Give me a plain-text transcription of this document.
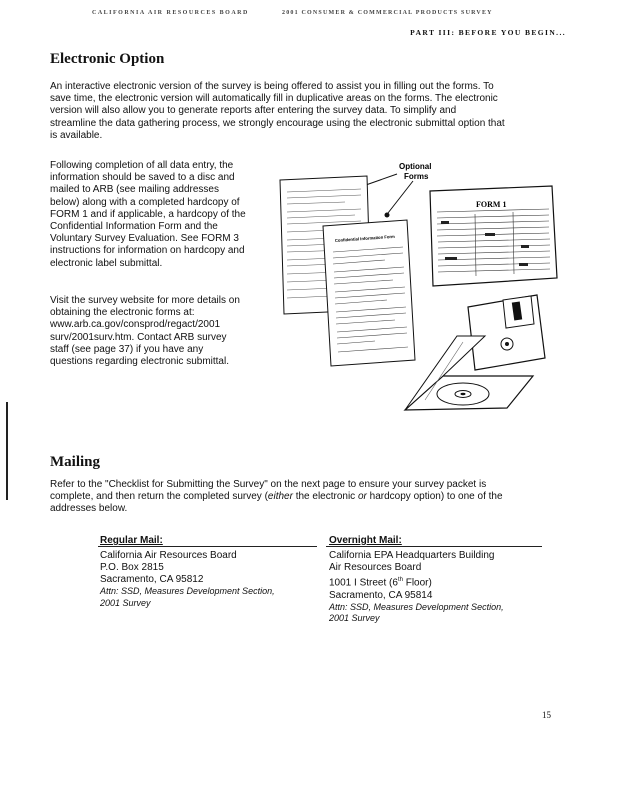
CALIFORNIA AIR RESOURCES BOARD	2001 CONSUMER & COMMERCIAL PRODUCTS SURVEY
PART III: BEFORE YOU BEGIN...
Electronic Option
An interactive electronic version of the survey is being offered to assist you in filling out the forms. To
save time, the electronic version will automatically fill in duplicative areas on the forms. The electronic
version will also allow you to generate reports after entering the survey data. To simplify and
streamline the data gathering process, we strongly encourage using the electronic submittal option that
is available.
Following completion of all data entry, the
information should be saved to a disc and
mailed to ARB (see mailing addresses
below) along with a completed hardcopy of
FORM 1 and if applicable, a hardcopy of the
Confidential Information Form and the
Voluntary Survey Evaluation. See FORM 3
instructions for information on hardcopy and
electronic label submittal.
Visit the survey website for more details on
obtaining the electronic forms at:
www.arb.ca.gov/consprod/regact/2001
surv/2001surv.htm. Contact ARB survey
staff (see page 37) if you have any
questions regarding electronic submittal.
Optional
Forms
Confidential Information Form
FORM 1
Mailing
Refer to the "Checklist for Submitting the Survey" on the next page to ensure your survey packet is
complete, and then return the completed survey (either the electronic or hardcopy option) to one of the
addresses below.
Regular Mail:
California Air Resources Board
P.O. Box 2815
Sacramento, CA 95812
Attn: SSD, Measures Development Section,
2001 Survey
Overnight Mail:
California EPA Headquarters Building
Air Resources Board
1001 I Street (6th Floor)
Sacramento, CA 95814
Attn: SSD, Measures Development Section,
2001 Survey
15
